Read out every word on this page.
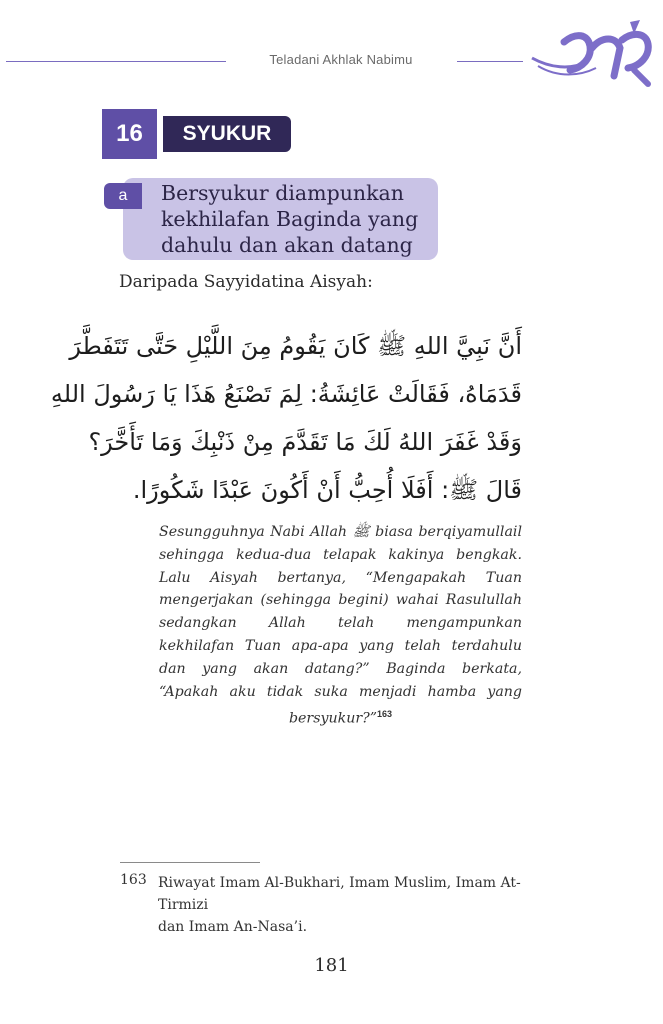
Teladani Akhlak Nabimu
16	SYUKUR
a	Bersyukur diampunkan
kekhilafan Baginda yang
dahulu dan akan datang

Daripada Sayyidatina Aisyah:

أَنَّ نَبِيَّ اللهِ ﷺ كَانَ يَقُومُ مِنَ اللَّيْلِ حَتَّى تَتَفَطَّرَ
قَدَمَاهُ، فَقَالَتْ عَائِشَةُ: لِمَ تَصْنَعُ هَذَا يَا رَسُولَ اللهِ
وَقَدْ غَفَرَ اللهُ لَكَ مَا تَقَدَّمَ مِنْ ذَنْبِكَ وَمَا تَأَخَّرَ؟
قَالَ ﷺ: أَفَلَا أُحِبُّ أَنْ أَكُونَ عَبْدًا شَكُورًا.
Sesungguhnya Nabi Allah ﷺ biasa berqiyamullail
sehingga kedua-dua telapak kakinya bengkak.
Lalu Aisyah bertanya, “Mengapakah Tuan
mengerjakan (sehingga begini) wahai Rasulullah
sedangkan Allah telah mengampunkan
kekhilafan Tuan apa-apa yang telah terdahulu
dan yang akan datang?” Baginda berkata,
“Apakah aku tidak suka menjadi hamba yang
bersyukur?”$^{163}$
163 Riwayat Imam Al-Bukhari, Imam Muslim, Imam At-Tirmizi
dan Imam An-Nasa’i.

181
